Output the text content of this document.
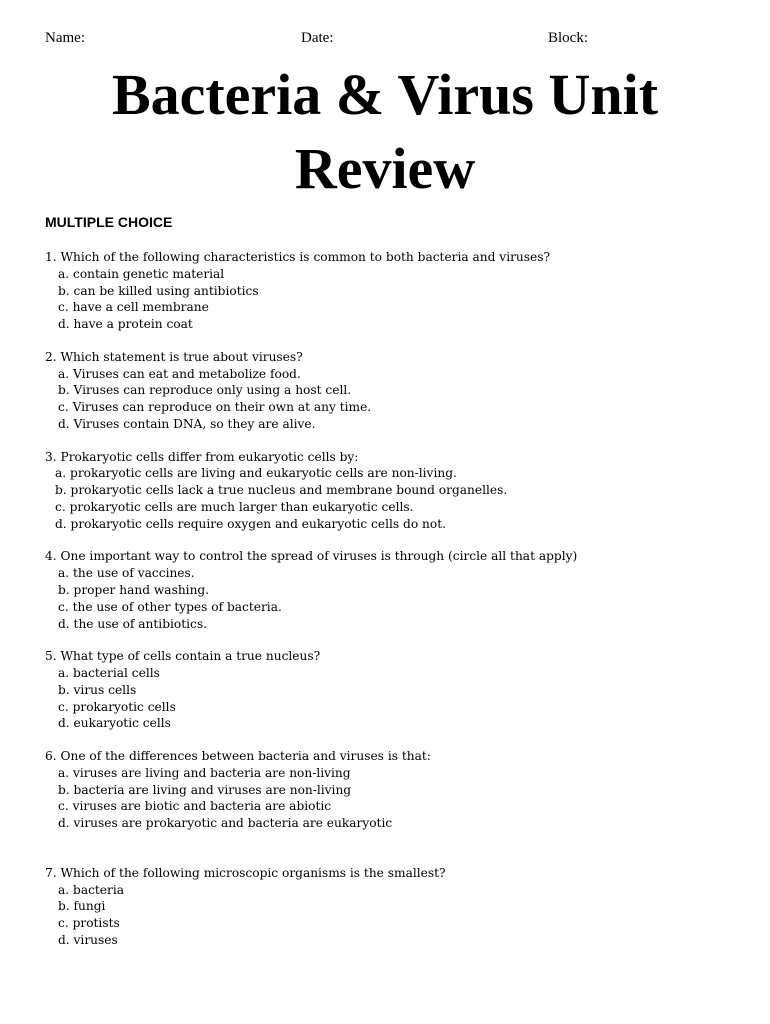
Name:	Date:	Block:
Bacteria & Virus Unit
Review
MULTIPLE CHOICE
1. Which of the following characteristics is common to both bacteria and viruses?
a. contain genetic material
b. can be killed using antibiotics
c. have a cell membrane
d. have a protein coat
2. Which statement is true about viruses?
a. Viruses can eat and metabolize food.
b. Viruses can reproduce only using a host cell.
c. Viruses can reproduce on their own at any time.
d. Viruses contain DNA, so they are alive.
3. Prokaryotic cells differ from eukaryotic cells by:
a. prokaryotic cells are living and eukaryotic cells are non-living.
b. prokaryotic cells lack a true nucleus and membrane bound organelles.
c. prokaryotic cells are much larger than eukaryotic cells.
d. prokaryotic cells require oxygen and eukaryotic cells do not.
4. One important way to control the spread of viruses is through (circle all that apply)
a. the use of vaccines.
b. proper hand washing.
c. the use of other types of bacteria.
d. the use of antibiotics.
5. What type of cells contain a true nucleus?
a. bacterial cells
b. virus cells
c. prokaryotic cells
d. eukaryotic cells
6. One of the differences between bacteria and viruses is that:
a. viruses are living and bacteria are non-living
b. bacteria are living and viruses are non-living
c. viruses are biotic and bacteria are abiotic
d. viruses are prokaryotic and bacteria are eukaryotic
7. Which of the following microscopic organisms is the smallest?
a. bacteria
b. fungi
c. protists
d. viruses
